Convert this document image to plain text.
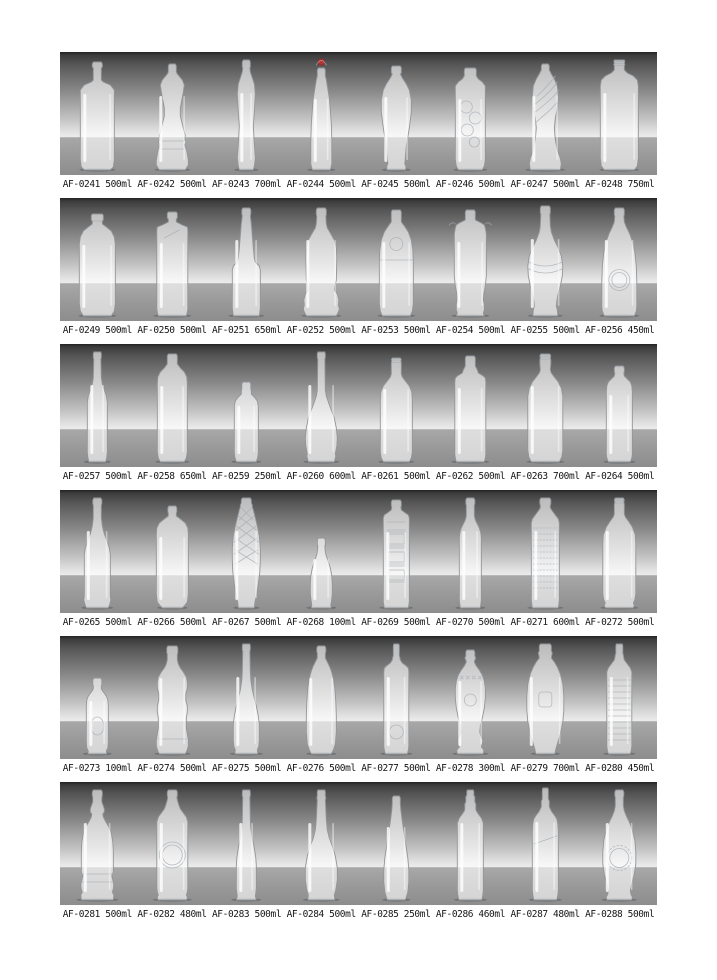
AF-0241 500ml AF-0242 500ml AF-0243 700ml AF-0244 500ml AF-0245 500ml AF-0246 500ml AF-0247 500ml AF-0248 750ml
AF-0249 500ml AF-0250 500ml AF-0251 650ml AF-0252 500ml AF-0253 500ml AF-0254 500ml AF-0255 500ml AF-0256 450ml
AF-0257 500ml AF-0258 650ml AF-0259 250ml AF-0260 600ml AF-0261 500ml AF-0262 500ml AF-0263 700ml AF-0264 500ml
AF-0265 500ml AF-0266 500ml AF-0267 500ml AF-0268 100ml AF-0269 500ml AF-0270 500ml AF-0271 600ml AF-0272 500ml
AF-0273 100ml AF-0274 500ml AF-0275 500ml AF-0276 500ml AF-0277 500ml AF-0278 300ml AF-0279 700ml AF-0280 450ml
AF-0281 500ml AF-0282 480ml AF-0283 500ml AF-0284 500ml AF-0285 250ml AF-0286 460ml AF-0287 480ml AF-0288 500ml
